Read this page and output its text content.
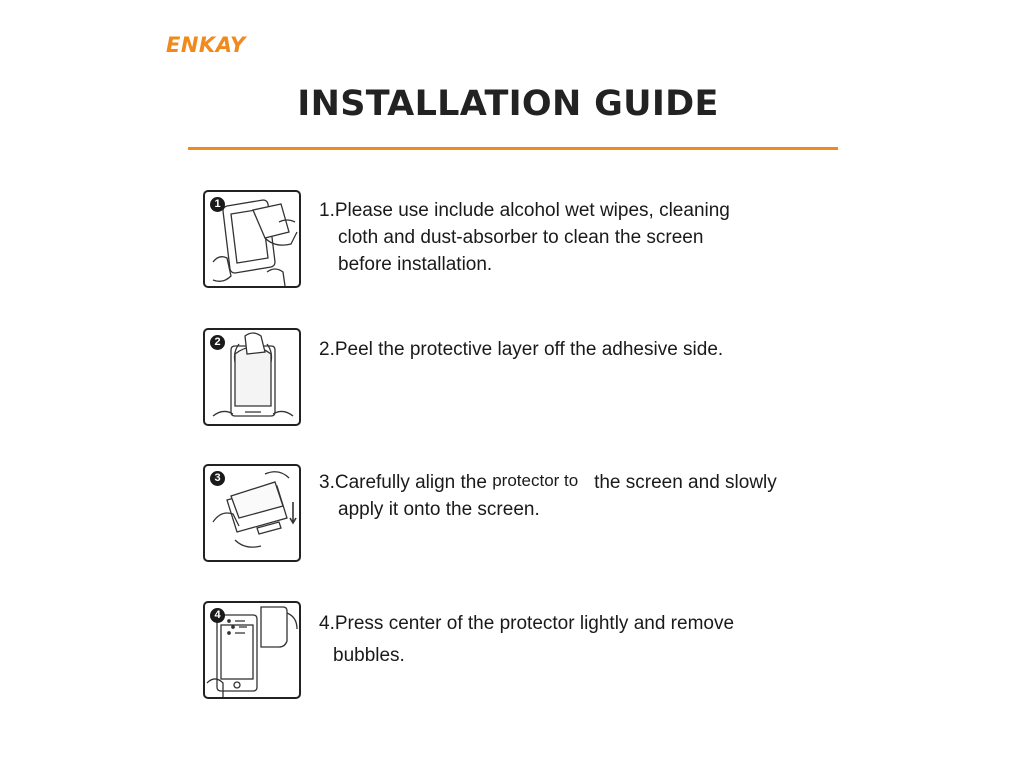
ENKAY
INSTALLATION GUIDE
1	1.Please use include alcohol wet wipes, cleaning
cloth and dust-absorber to clean the screen
before installation.
2	2.Peel the protective layer off the adhesive side.
3	3.Carefully align the protector to the screen and slowly
apply it onto the screen.
4	4.Press center of the protector lightly and remove
bubbles.
